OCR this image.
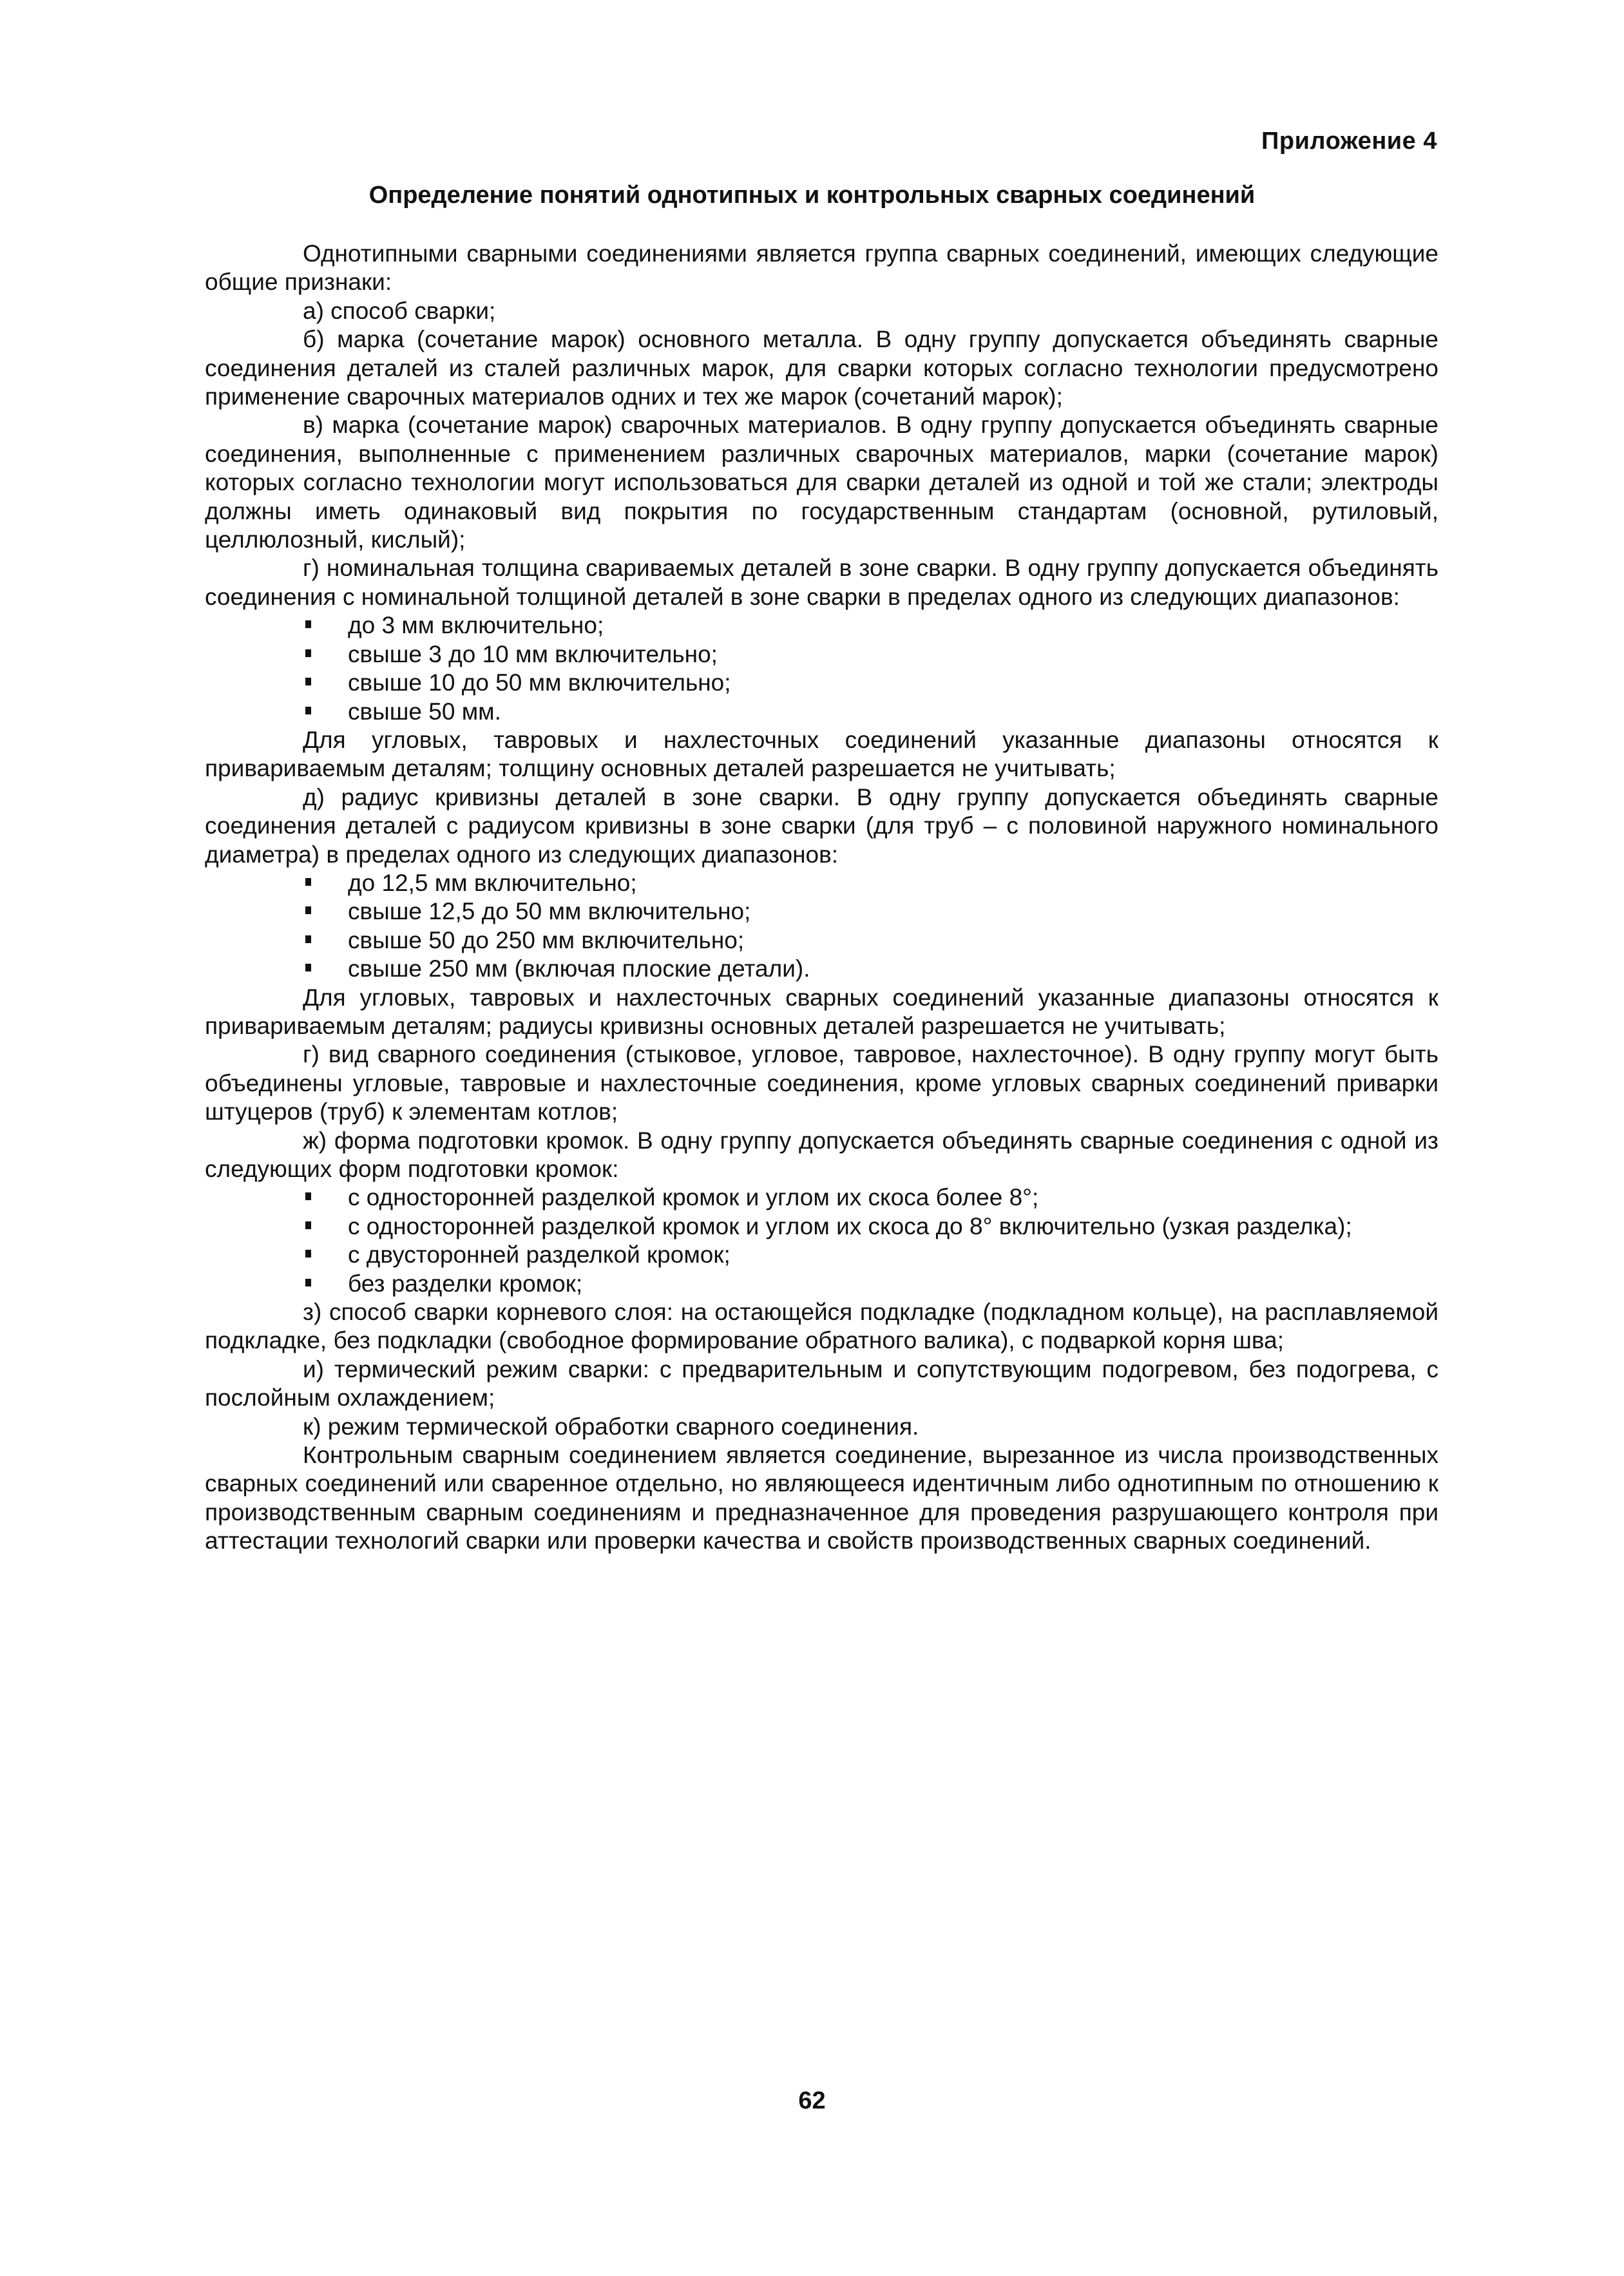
Приложение 4
Определение понятий однотипных и контрольных сварных соединений

Однотипными сварными соединениями является группа сварных соединений, имеющих следующие общие признаки:

а) способ сварки;

б) марка (сочетание марок) основного металла. В одну группу допускается объединять сварные соединения деталей из сталей различных марок, для сварки которых согласно технологии предусмотрено применение сварочных материалов одних и тех же марок (сочетаний марок);

в) марка (сочетание марок) сварочных материалов. В одну группу допускается объединять сварные соединения, выполненные с применением различных сварочных материалов, марки (сочетание марок) которых согласно технологии могут использоваться для сварки деталей из одной и той же стали; электроды должны иметь одинаковый вид покрытия по государственным стандартам (основной, рутиловый, целлюлозный, кислый);

г) номинальная толщина свариваемых деталей в зоне сварки. В одну группу допускается объединять соединения с номинальной толщиной деталей в зоне сварки в пределах одного из следующих диапазонов:

до 3 мм включительно;
свыше 3 до 10 мм включительно;
свыше 10 до 50 мм включительно;
свыше 50 мм.

Для угловых, тавровых и нахлесточных соединений указанные диапазоны относятся к привариваемым деталям; толщину основных деталей разрешается не учитывать;

д) радиус кривизны деталей в зоне сварки. В одну группу допускается объединять сварные соединения деталей с радиусом кривизны в зоне сварки (для труб – с половиной наружного номинального диаметра) в пределах одного из следующих диапазонов:

до 12,5 мм включительно;
свыше 12,5 до 50 мм включительно;
свыше 50 до 250 мм включительно;
свыше 250 мм (включая плоские детали).

Для угловых, тавровых и нахлесточных сварных соединений указанные диапазоны относятся к привариваемым деталям; радиусы кривизны основных деталей разрешается не учитывать;

г) вид сварного соединения (стыковое, угловое, тавровое, нахлесточное). В одну группу могут быть объединены угловые, тавровые и нахлесточные соединения, кроме угловых сварных соединений приварки штуцеров (труб) к элементам котлов;

ж) форма подготовки кромок. В одну группу допускается объединять сварные соединения с одной из следующих форм подготовки кромок:

с односторонней разделкой кромок и углом их скоса более 8°;
с односторонней разделкой кромок и углом их скоса до 8° включительно (узкая разделка);
с двусторонней разделкой кромок;
без разделки кромок;

з) способ сварки корневого слоя: на остающейся подкладке (подкладном кольце), на расплавляемой подкладке, без подкладки (свободное формирование обратного валика), с подваркой корня шва;

и) термический режим сварки: с предварительным и сопутствующим подогревом, без подогрева, с послойным охлаждением;

к) режим термической обработки сварного соединения.

Контрольным сварным соединением является соединение, вырезанное из числа производственных сварных соединений или сваренное отдельно, но являющееся идентичным либо однотипным по отношению к производственным сварным соединениям и предназначенное для проведения разрушающего контроля при аттестации технологий сварки или проверки качества и свойств производственных сварных соединений.

62
